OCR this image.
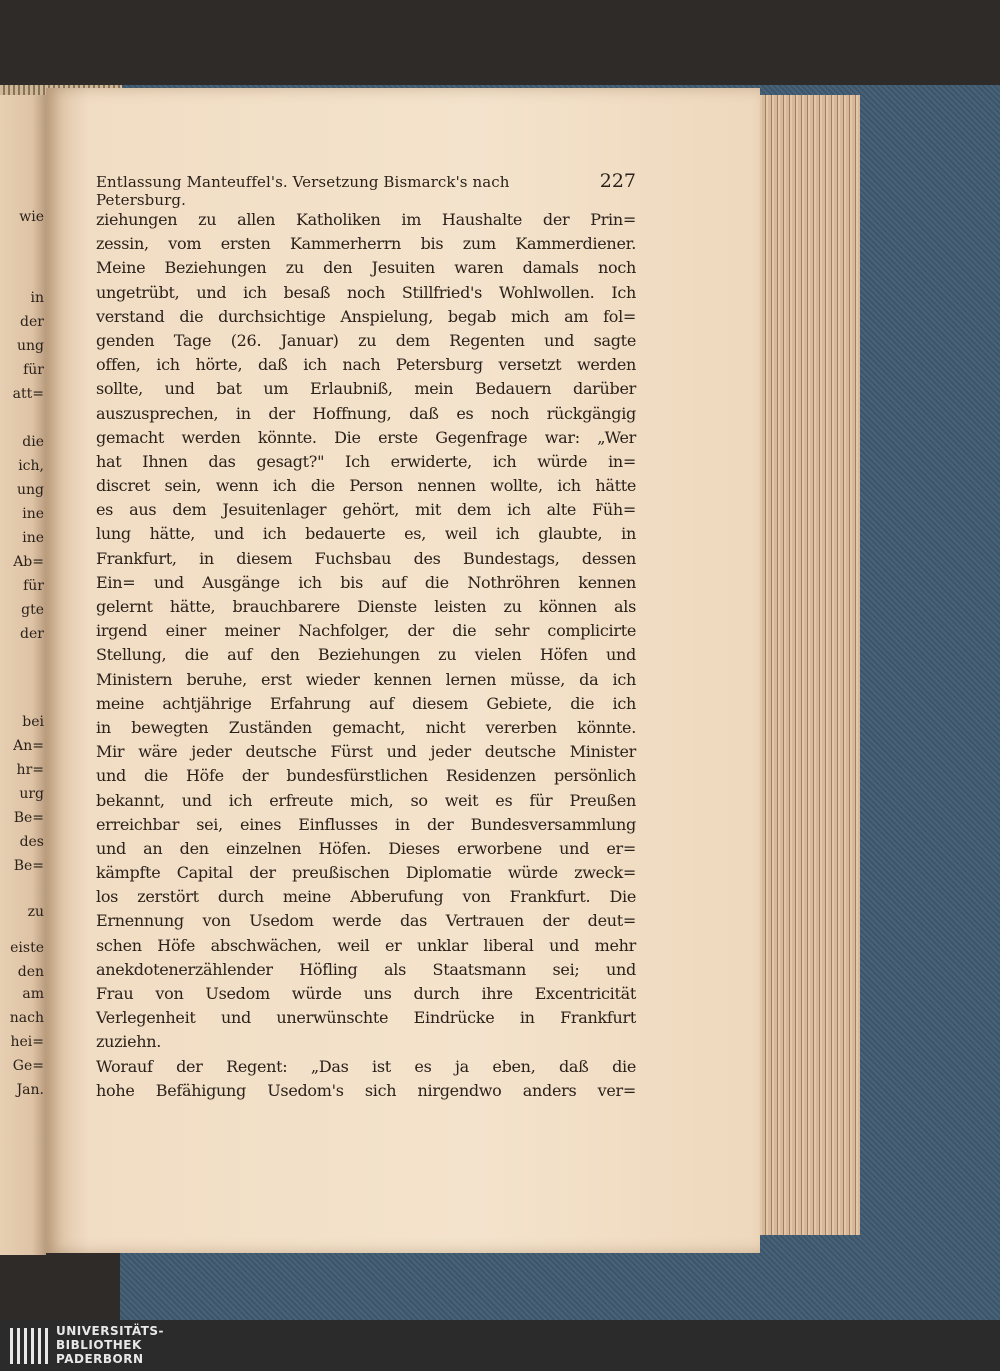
wie
in
der
ung
für
att=
die
ich,
ung
ine
ine
Ab=
für
gte
der
bei
An=
hr=
urg
Be=
des
Be=
zu
eiste
den
am
nach
hei=
Ge=
Jan.
Entlassung Manteuffel's. Versetzung Bismarck's nach Petersburg.
227
ziehungen zu allen Katholiken im Haushalte der Prin=
zessin, vom ersten Kammerherrn bis zum Kammerdiener.
Meine Beziehungen zu den Jesuiten waren damals noch
ungetrübt, und ich besaß noch Stillfried's Wohlwollen. Ich
verstand die durchsichtige Anspielung, begab mich am fol=
genden Tage (26. Januar) zu dem Regenten und sagte
offen, ich hörte, daß ich nach Petersburg versetzt werden
sollte, und bat um Erlaubniß, mein Bedauern darüber
auszusprechen, in der Hoffnung, daß es noch rückgängig
gemacht werden könnte. Die erste Gegenfrage war: „Wer
hat Ihnen das gesagt?" Ich erwiderte, ich würde in=
discret sein, wenn ich die Person nennen wollte, ich hätte
es aus dem Jesuitenlager gehört, mit dem ich alte Füh=
lung hätte, und ich bedauerte es, weil ich glaubte, in
Frankfurt, in diesem Fuchsbau des Bundestags, dessen
Ein= und Ausgänge ich bis auf die Nothröhren kennen
gelernt hätte, brauchbarere Dienste leisten zu können als
irgend einer meiner Nachfolger, der die sehr complicirte
Stellung, die auf den Beziehungen zu vielen Höfen und
Ministern beruhe, erst wieder kennen lernen müsse, da ich
meine achtjährige Erfahrung auf diesem Gebiete, die ich
in bewegten Zuständen gemacht, nicht vererben könnte.
Mir wäre jeder deutsche Fürst und jeder deutsche Minister
und die Höfe der bundesfürstlichen Residenzen persönlich
bekannt, und ich erfreute mich, so weit es für Preußen
erreichbar sei, eines Einflusses in der Bundesversammlung
und an den einzelnen Höfen. Dieses erworbene und er=
kämpfte Capital der preußischen Diplomatie würde zweck=
los zerstört durch meine Abberufung von Frankfurt. Die
Ernennung von Usedom werde das Vertrauen der deut=
schen Höfe abschwächen, weil er unklar liberal und mehr
anekdotenerzählender Höfling als Staatsmann sei; und
Frau von Usedom würde uns durch ihre Excentricität
Verlegenheit und unerwünschte Eindrücke in Frankfurt
zuziehn.
Worauf der Regent: „Das ist es ja eben, daß die
hohe Befähigung Usedom's sich nirgendwo anders ver=
UNIVERSITÄTS-
BIBLIOTHEK
PADERBORN
